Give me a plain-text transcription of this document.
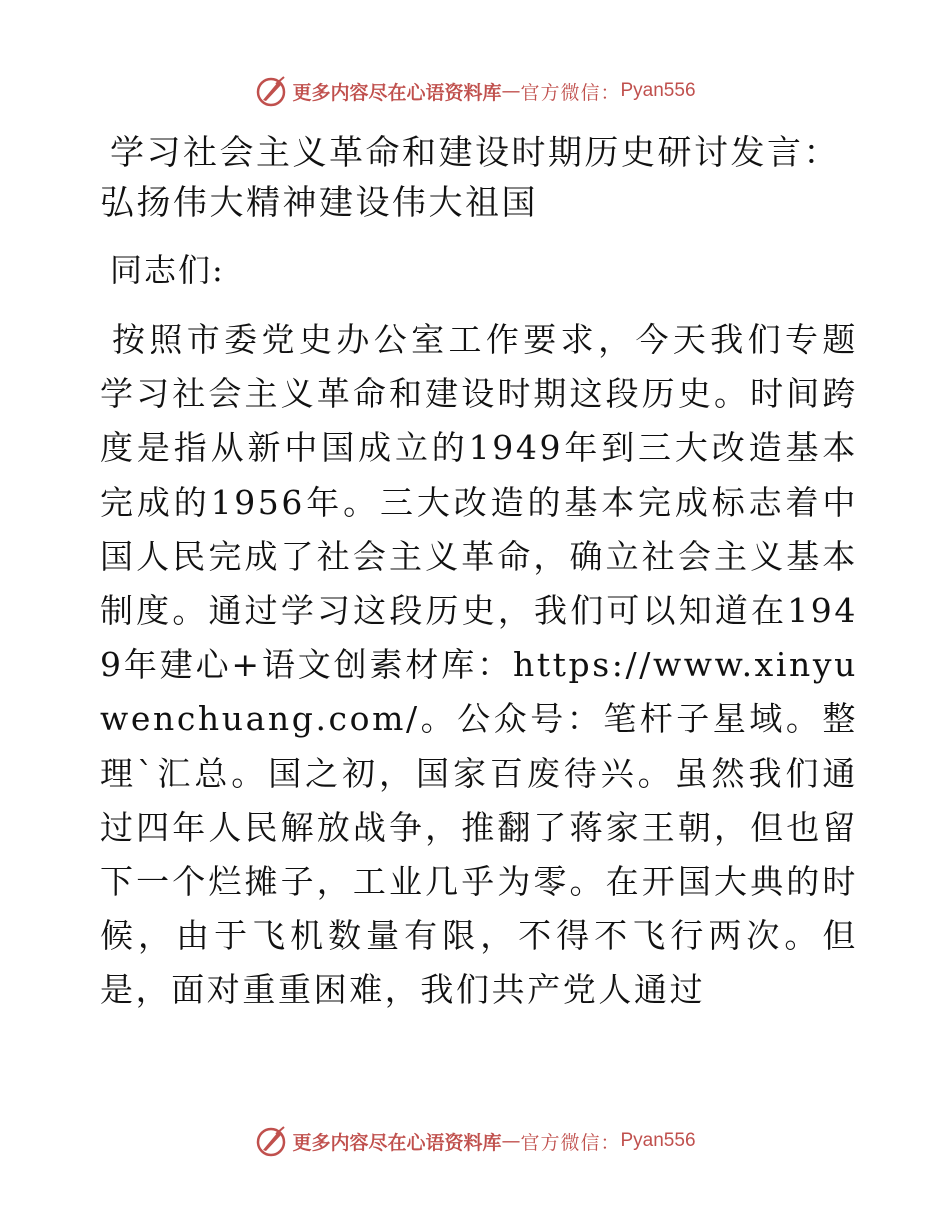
更多内容尽在心语资料库 — 官方微信： Pyan556
学习社会主义革命和建设时期历史研讨发言：弘扬伟大精神建设伟大祖国

同志们:

按照市委党史办公室工作要求，今天我们专题学习社会主义革命和建设时期这段历史。时间跨度是指从新中国成立的1949年到三大改造基本完成的1956年。三大改造的基本完成标志着中国人民完成了社会主义革命，确立社会主义基本制度。通过学习这段历史，我们可以知道在1949年建心+语文创素材库：https://www.xinyuwenchuang.com/。公众号：笔杆子星域。整理`汇总。国之初，国家百废待兴。虽然我们通过四年人民解放战争，推翻了蒋家王朝，但也留下一个烂摊子，工业几乎为零。在开国大典的时候，由于飞机数量有限，不得不飞行两次。但是，面对重重困难，我们共产党人通过

更多内容尽在心语资料库 — 官方微信： Pyan556
